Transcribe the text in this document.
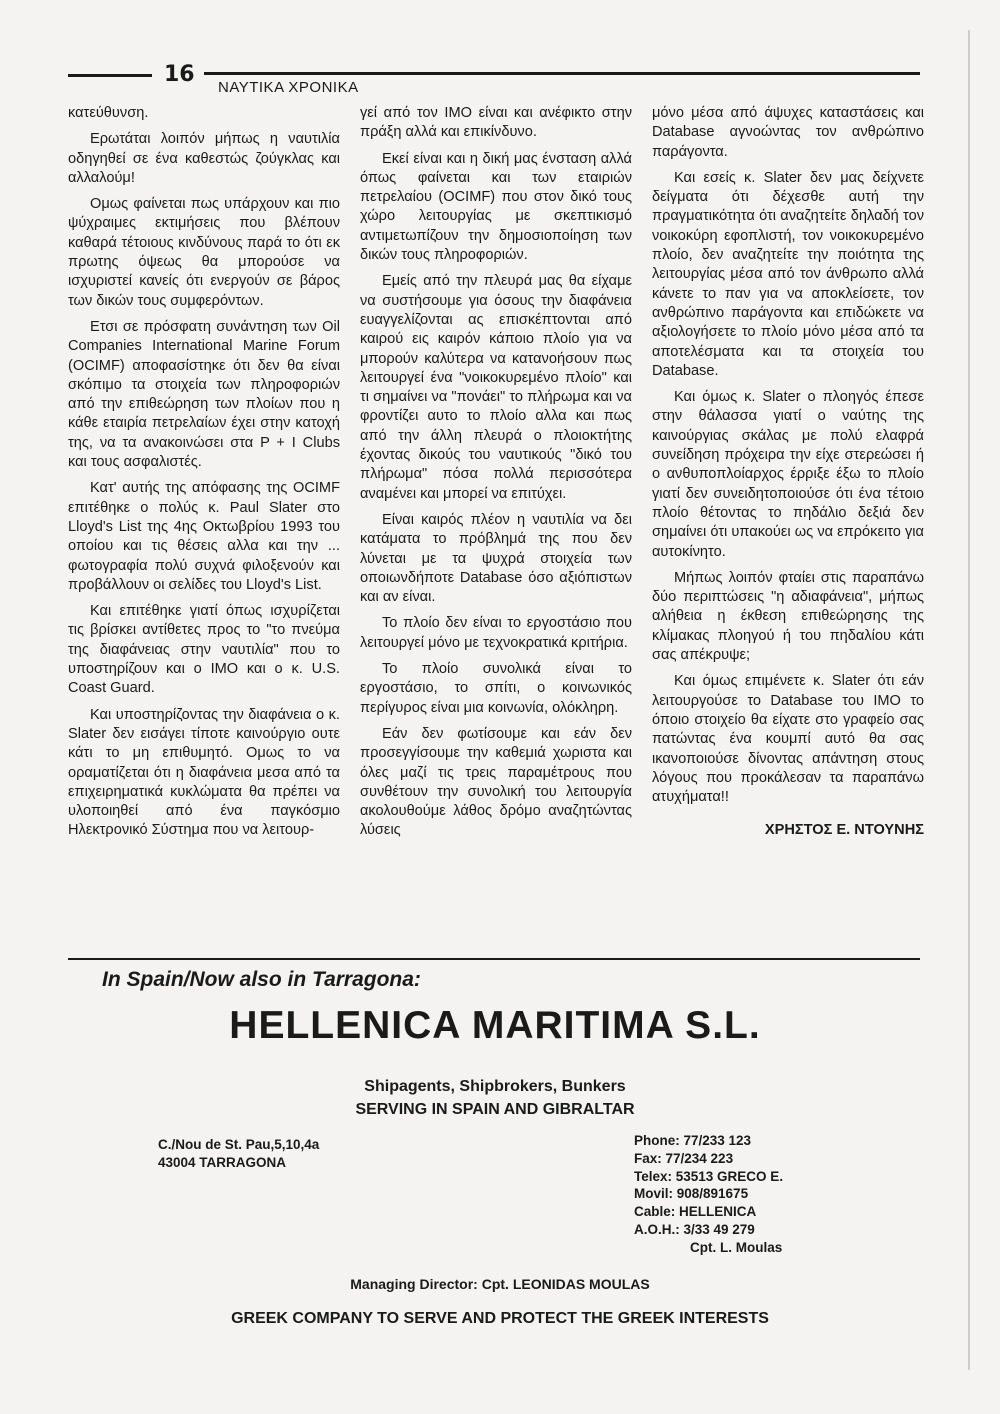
16
ΝΑΥΤΙΚΑ ΧΡΟΝΙΚΑ

κατεύθυνση.

Ερωτάται λοιπόν μήπως η ναυτιλία οδηγηθεί σε ένα καθεστώς ζούγκλας και αλλαλούμ!

Ομως φαίνεται πως υπάρχουν και πιο ψύχραιμες εκτιμήσεις που βλέπουν καθαρά τέτοιους κινδύνους παρά το ότι εκ πρωτης όψεως θα μπορούσε να ισχυριστεί κανείς ότι ενεργούν σε βάρος των δικών τους συμφερόντων.

Ετσι σε πρόσφατη συνάντηση των Oil Companies International Marine Forum (OCIMF) αποφασίστηκε ότι δεν θα είναι σκόπιμο τα στοιχεία των πληροφοριών από την επιθεώρηση των πλοίων που η κάθε εταιρία πετρελαίων έχει στην κατοχή της, να τα ανακοινώσει στα P + I Clubs και τους ασφαλιστές.

Κατ' αυτής της απόφασης της OCIMF επιτέθηκε ο πολύς κ. Paul Slater στο Lloyd's List της 4ης Οκτωβρίου 1993 του οποίου και τις θέσεις αλλα και την ... φωτογραφία πολύ συχνά φιλοξενούν και προβάλλουν οι σελίδες του Lloyd's List.

Και επιτέθηκε γιατί όπως ισχυρίζεται τις βρίσκει αντίθετες προς το "το πνεύμα της διαφάνειας στην ναυτιλία" που το υποστηρίζουν και ο ΙΜΟ και ο κ. U.S. Coast Guard.

Και υποστηρίζοντας την διαφάνεια ο κ. Slater δεν εισάγει τίποτε καινούργιο ουτε κάτι το μη επιθυμητό. Ομως το να οραματίζεται ότι η διαφάνεια μεσα από τα επιχειρηματικά κυκλώματα θα πρέπει να υλοποιηθεί από ένα παγκόσμιο Ηλεκτρονικό Σύστημα που να λειτουρ-

γεί από τον ΙΜΟ είναι και ανέφικτο στην πράξη αλλά και επικίνδυνο.

Εκεί είναι και η δική μας ένσταση αλλά όπως φαίνεται και των εταιριών πετρελαίου (OCIMF) που στον δικό τους χώρο λειτουργίας με σκεπτικισμό αντιμετωπίζουν την δημοσιοποίηση των δικών τους πληροφοριών.

Εμείς από την πλευρά μας θα είχαμε να συστήσουμε για όσους την διαφάνεια ευαγγελίζονται ας επισκέπτονται από καιρού εις καιρόν κάποιο πλοίο για να μπορούν καλύτερα να κατανοήσουν πως λειτουργεί ένα "νοικοκυρεμένο πλοίο" και τι σημαίνει να "πονάει" το πλήρωμα και να φροντίζει αυτο το πλοίο αλλα και πως από την άλλη πλευρά ο πλοιοκτήτης έχοντας δικούς του ναυτικούς "δικό του πλήρωμα" πόσα πολλά περισσότερα αναμένει και μπορεί να επιτύχει.

Είναι καιρός πλέον η ναυτιλία να δει κατάματα το πρόβλημά της που δεν λύνεται με τα ψυχρά στοιχεία των οποιωνδήποτε Database όσο αξιόπιστων και αν είναι.

Το πλοίο δεν είναι το εργοστάσιο που λειτουργεί μόνο με τεχνοκρατικά κριτήρια.

Το πλοίο συνολικά είναι το εργοστάσιο, το σπίτι, ο κοινωνικός περίγυρος είναι μια κοινωνία, ολόκληρη.

Εάν δεν φωτίσουμε και εάν δεν προσεγγίσουμε την καθεμιά χωριστα και όλες μαζί τις τρεις παραμέτρους που συνθέτουν την συνολική του λειτουργία ακολουθούμε λάθος δρόμο αναζητώντας λύσεις

μόνο μέσα από άψυχες καταστάσεις και Database αγνοώντας τον ανθρώπινο παράγοντα.

Και εσείς κ. Slater δεν μας δείχνετε δείγματα ότι δέχεσθε αυτή την πραγματικότητα ότι αναζητείτε δηλαδή τον νοικοκύρη εφοπλιστή, τον νοικοκυρεμένο πλοίο, δεν αναζητείτε την ποιότητα της λειτουργίας μέσα από τον άνθρωπο αλλά κάνετε το παν για να αποκλείσετε, τον ανθρώπινο παράγοντα και επιδώκετε να αξιολογήσετε το πλοίο μόνο μέσα από τα αποτελέσματα και τα στοιχεία του Database.

Και όμως κ. Slater ο πλοηγός έπεσε στην θάλασσα γιατί ο ναύτης της καινούργιας σκάλας με πολύ ελαφρά συνείδηση πρόχειρα την είχε στερεώσει ή ο ανθυποπλοίαρχος έρριξε έξω το πλοίο γιατί δεν συνειδητοποιούσε ότι ένα τέτοιο πλοίο θέτοντας το πηδάλιο δεξιά δεν σημαίνει ότι υπακούει ως να επρόκειτο για αυτοκίνητο.

Μήπως λοιπόν φταίει στις παραπάνω δύο περιπτώσεις "η αδιαφάνεια", μήπως αλήθεια η έκθεση επιθεώρησης της κλίμακας πλοηγού ή του πηδαλίου κάτι σας απέκρυψε;

Και όμως επιμένετε κ. Slater ότι εάν λειτουργούσε το Database του ΙΜΟ το όποιο στοιχείο θα είχατε στο γραφείο σας πατώντας ένα κουμπί αυτό θα σας ικανοποιούσε δίνοντας απάντηση στους λόγους που προκάλεσαν τα παραπάνω ατυχήματα!!

ΧΡΗΣΤΟΣ Ε. ΝΤΟΥΝΗΣ
In Spain/Now also in Tarragona:
HELLENICA MARITIMA S.L.
Shipagents, Shipbrokers, Bunkers
SERVING IN SPAIN AND GIBRALTAR
C./Nou de St. Pau,5,10,4a
43004 TARRAGONA
Phone: 77/233 123
Fax: 77/234 223
Telex: 53513 GRECO E.
Movil: 908/891675
Cable: HELLENICA
A.O.H.: 3/33 49 279
Cpt. L. Moulas
Managing Director: Cpt. LEONIDAS MOULAS
GREEK COMPANY TO SERVE AND PROTECT THE GREEK INTERESTS
